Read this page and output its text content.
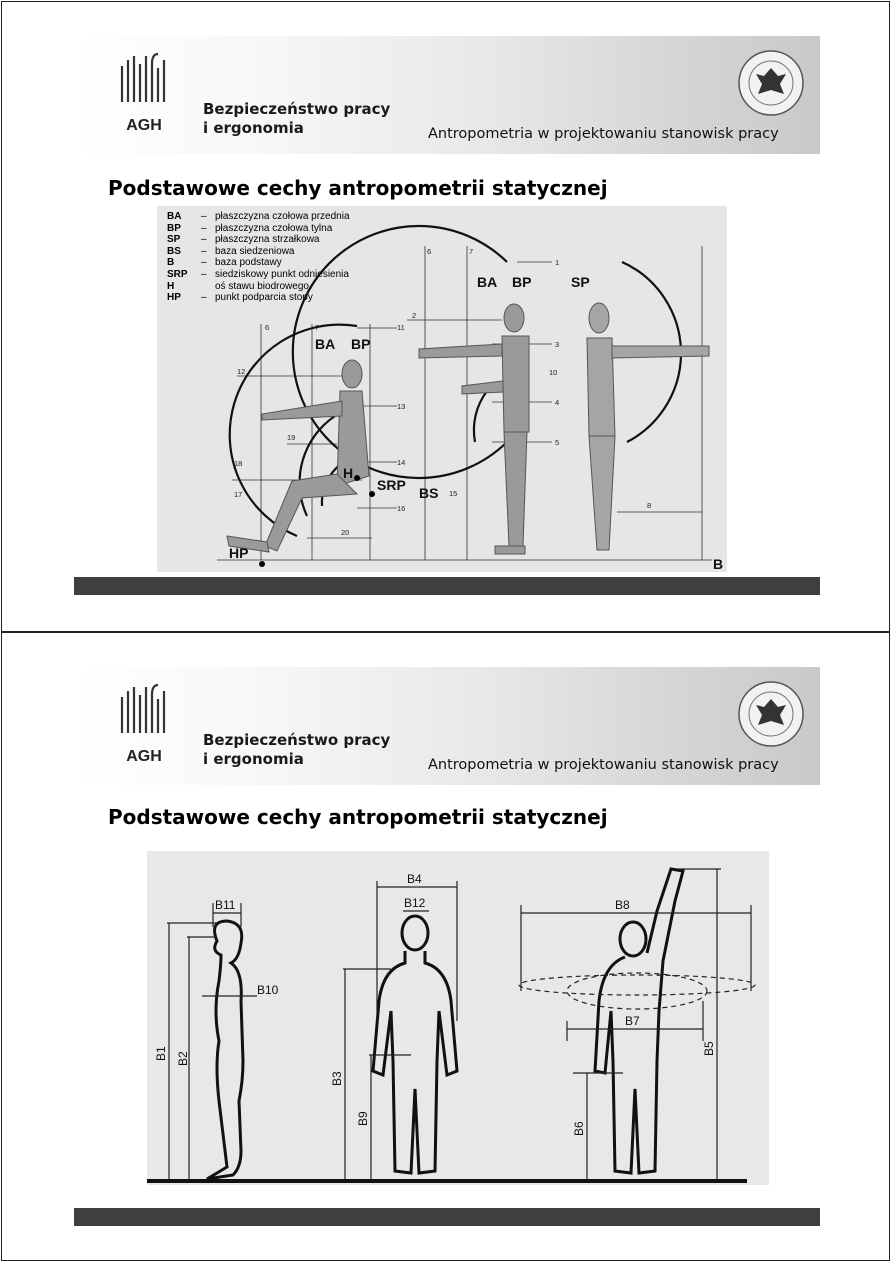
AGH
Bezpieczeństwo pracy
i ergonomia	Antropometria w projektowaniu stanowisk pracy
Podstawowe cechy antropometrii statycznej
BA	– płaszczyzna czołowa przednia
BP	– płaszczyzna czołowa tylna
SP	– płaszczyzna strzałkowa
BS	– baza siedzeniowa
B	– baza podstawy
SRP	– siedziskowy punkt odniesienia
H	oś stawu biodrowego
HP	– punkt podparcia stopy
BA BP
BA BP	SP
H
SRP BS
HP
B
6	7	11
12
13
19
14
18
17	15
16
20
6	7
1
2
3
10
4
5
8
AGH
Bezpieczeństwo pracy
i ergonomia	Antropometria w projektowaniu stanowisk pracy
Podstawowe cechy antropometrii statycznej
B11
B10
B1 B2
B4
B12
B3
B9
B8
B7
B5
B6
